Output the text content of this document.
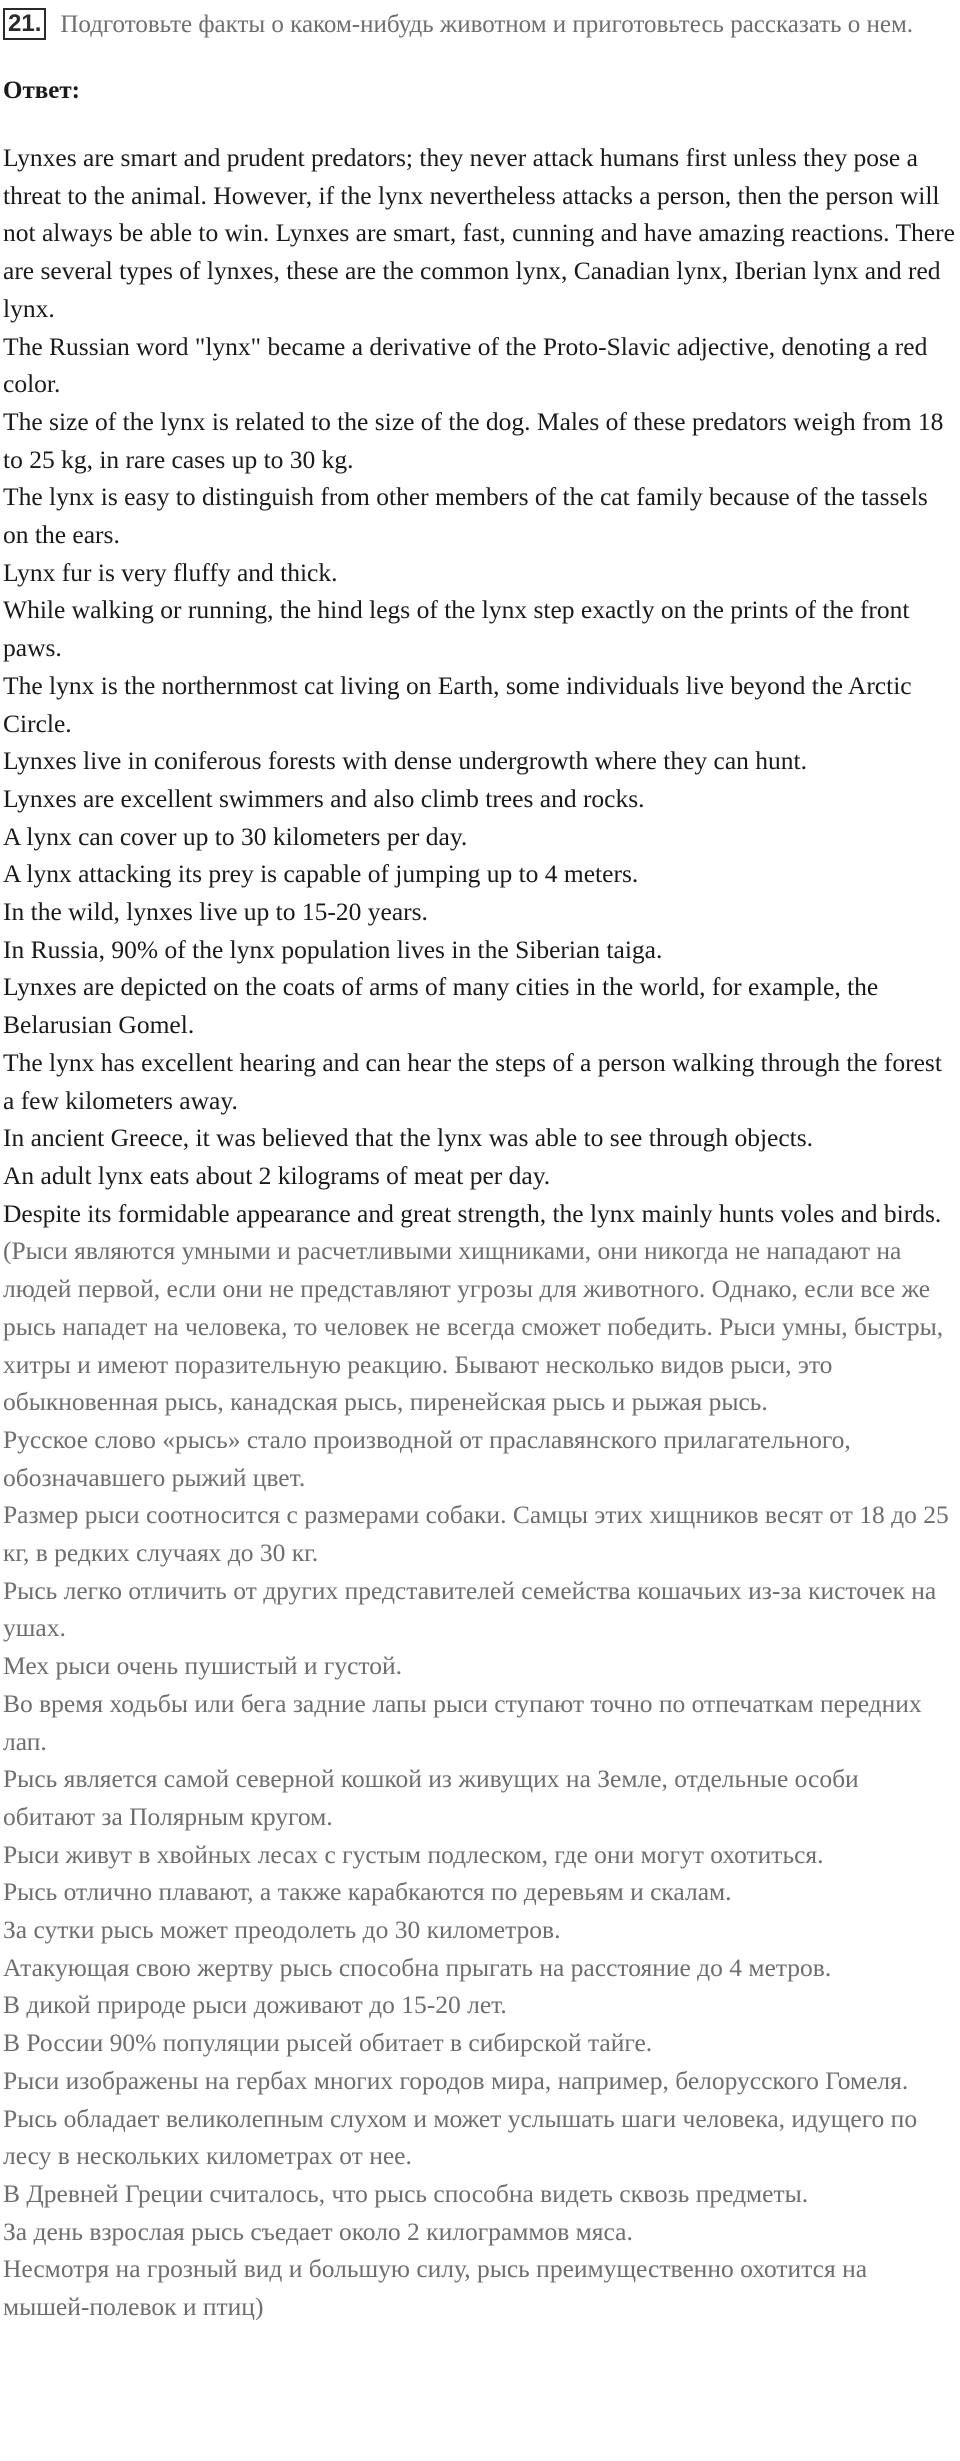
21. Подготовьте факты о каком-нибудь животном и приготовьтесь рассказать о нем.

Ответ:

Lynxes are smart and prudent predators; they never attack humans first unless they pose a threat to the animal. However, if the lynx nevertheless attacks a person, then the person will not always be able to win. Lynxes are smart, fast, cunning and have amazing reactions. There are several types of lynxes, these are the common lynx, Canadian lynx, Iberian lynx and red lynx.

The Russian word "lynx" became a derivative of the Proto-Slavic adjective, denoting a red color.

The size of the lynx is related to the size of the dog. Males of these predators weigh from 18 to 25 kg, in rare cases up to 30 kg.

The lynx is easy to distinguish from other members of the cat family because of the tassels on the ears.

Lynx fur is very fluffy and thick.

While walking or running, the hind legs of the lynx step exactly on the prints of the front paws.

The lynx is the northernmost cat living on Earth, some individuals live beyond the Arctic Circle.

Lynxes live in coniferous forests with dense undergrowth where they can hunt.

Lynxes are excellent swimmers and also climb trees and rocks.

A lynx can cover up to 30 kilometers per day.

A lynx attacking its prey is capable of jumping up to 4 meters.

In the wild, lynxes live up to 15-20 years.

In Russia, 90% of the lynx population lives in the Siberian taiga.

Lynxes are depicted on the coats of arms of many cities in the world, for example, the Belarusian Gomel.

The lynx has excellent hearing and can hear the steps of a person walking through the forest a few kilometers away.

In ancient Greece, it was believed that the lynx was able to see through objects.

An adult lynx eats about 2 kilograms of meat per day.

Despite its formidable appearance and great strength, the lynx mainly hunts voles and birds.

(Рыси являются умными и расчетливыми хищниками, они никогда не нападают на людей первой, если они не представляют угрозы для животного. Однако, если все же рысь нападет на человека, то человек не всегда сможет победить. Рыси умны, быстры, хитры и имеют поразительную реакцию. Бывают несколько видов рыси, это обыкновенная рысь, канадская рысь, пиренейская рысь и рыжая рысь.

Русское слово «рысь» стало производной от праславянского прилагательного, обозначавшего рыжий цвет.

Размер рыси соотносится с размерами собаки. Самцы этих хищников весят от 18 до 25 кг, в редких случаях до 30 кг.

Рысь легко отличить от других представителей семейства кошачьих из-за кисточек на ушах.

Мех рыси очень пушистый и густой.

Во время ходьбы или бега задние лапы рыси ступают точно по отпечаткам передних лап.

Рысь является самой северной кошкой из живущих на Земле, отдельные особи обитают за Полярным кругом.

Рыси живут в хвойных лесах с густым подлеском, где они могут охотиться.

Рысь отлично плавают, а также карабкаются по деревьям и скалам.

За сутки рысь может преодолеть до 30 километров.

Атакующая свою жертву рысь способна прыгать на расстояние до 4 метров.

В дикой природе рыси доживают до 15-20 лет.

В России 90% популяции рысей обитает в сибирской тайге.

Рыси изображены на гербах многих городов мира, например, белорусского Гомеля.

Рысь обладает великолепным слухом и может услышать шаги человека, идущего по лесу в нескольких километрах от нее.

В Древней Греции считалось, что рысь способна видеть сквозь предметы.

За день взрослая рысь съедает около 2 килограммов мяса.

Несмотря на грозный вид и большую силу, рысь преимущественно охотится на мышей-полевок и птиц)
